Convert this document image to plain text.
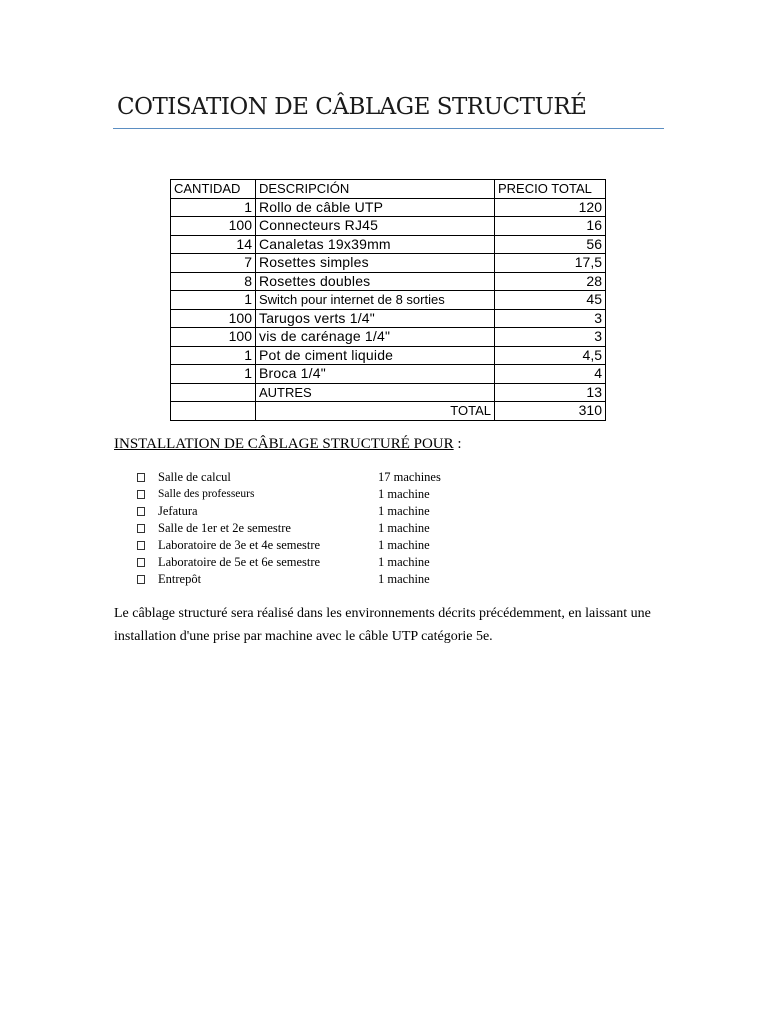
COTISATION DE CÂBLAGE STRUCTURÉ
CANTIDAD	DESCRIPCIÓN	PRECIO TOTAL
1	Rollo de câble UTP	120
100	Connecteurs RJ45	16
14	Canaletas 19x39mm	56
7	Rosettes simples	17,5
8	Rosettes doubles	28
1	Switch pour internet de 8 sorties	45
100	Tarugos verts 1/4"	3
100	vis de carénage 1/4"	3
1	Pot de ciment liquide	4,5
1	Broca 1/4"	4
	AUTRES	13
	TOTAL	310
INSTALLATION DE CÂBLAGE STRUCTURÉ POUR :
Salle de calcul	17 machines
Salle des professeurs	1 machine
Jefatura	1 machine
Salle de 1er et 2e semestre	1 machine
Laboratoire de 3e et 4e semestre	1 machine
Laboratoire de 5e et 6e semestre	1 machine
Entrepôt	1 machine
Le câblage structuré sera réalisé dans les environnements décrits précédemment, en laissant une installation d'une prise par machine avec le câble UTP catégorie 5e.
